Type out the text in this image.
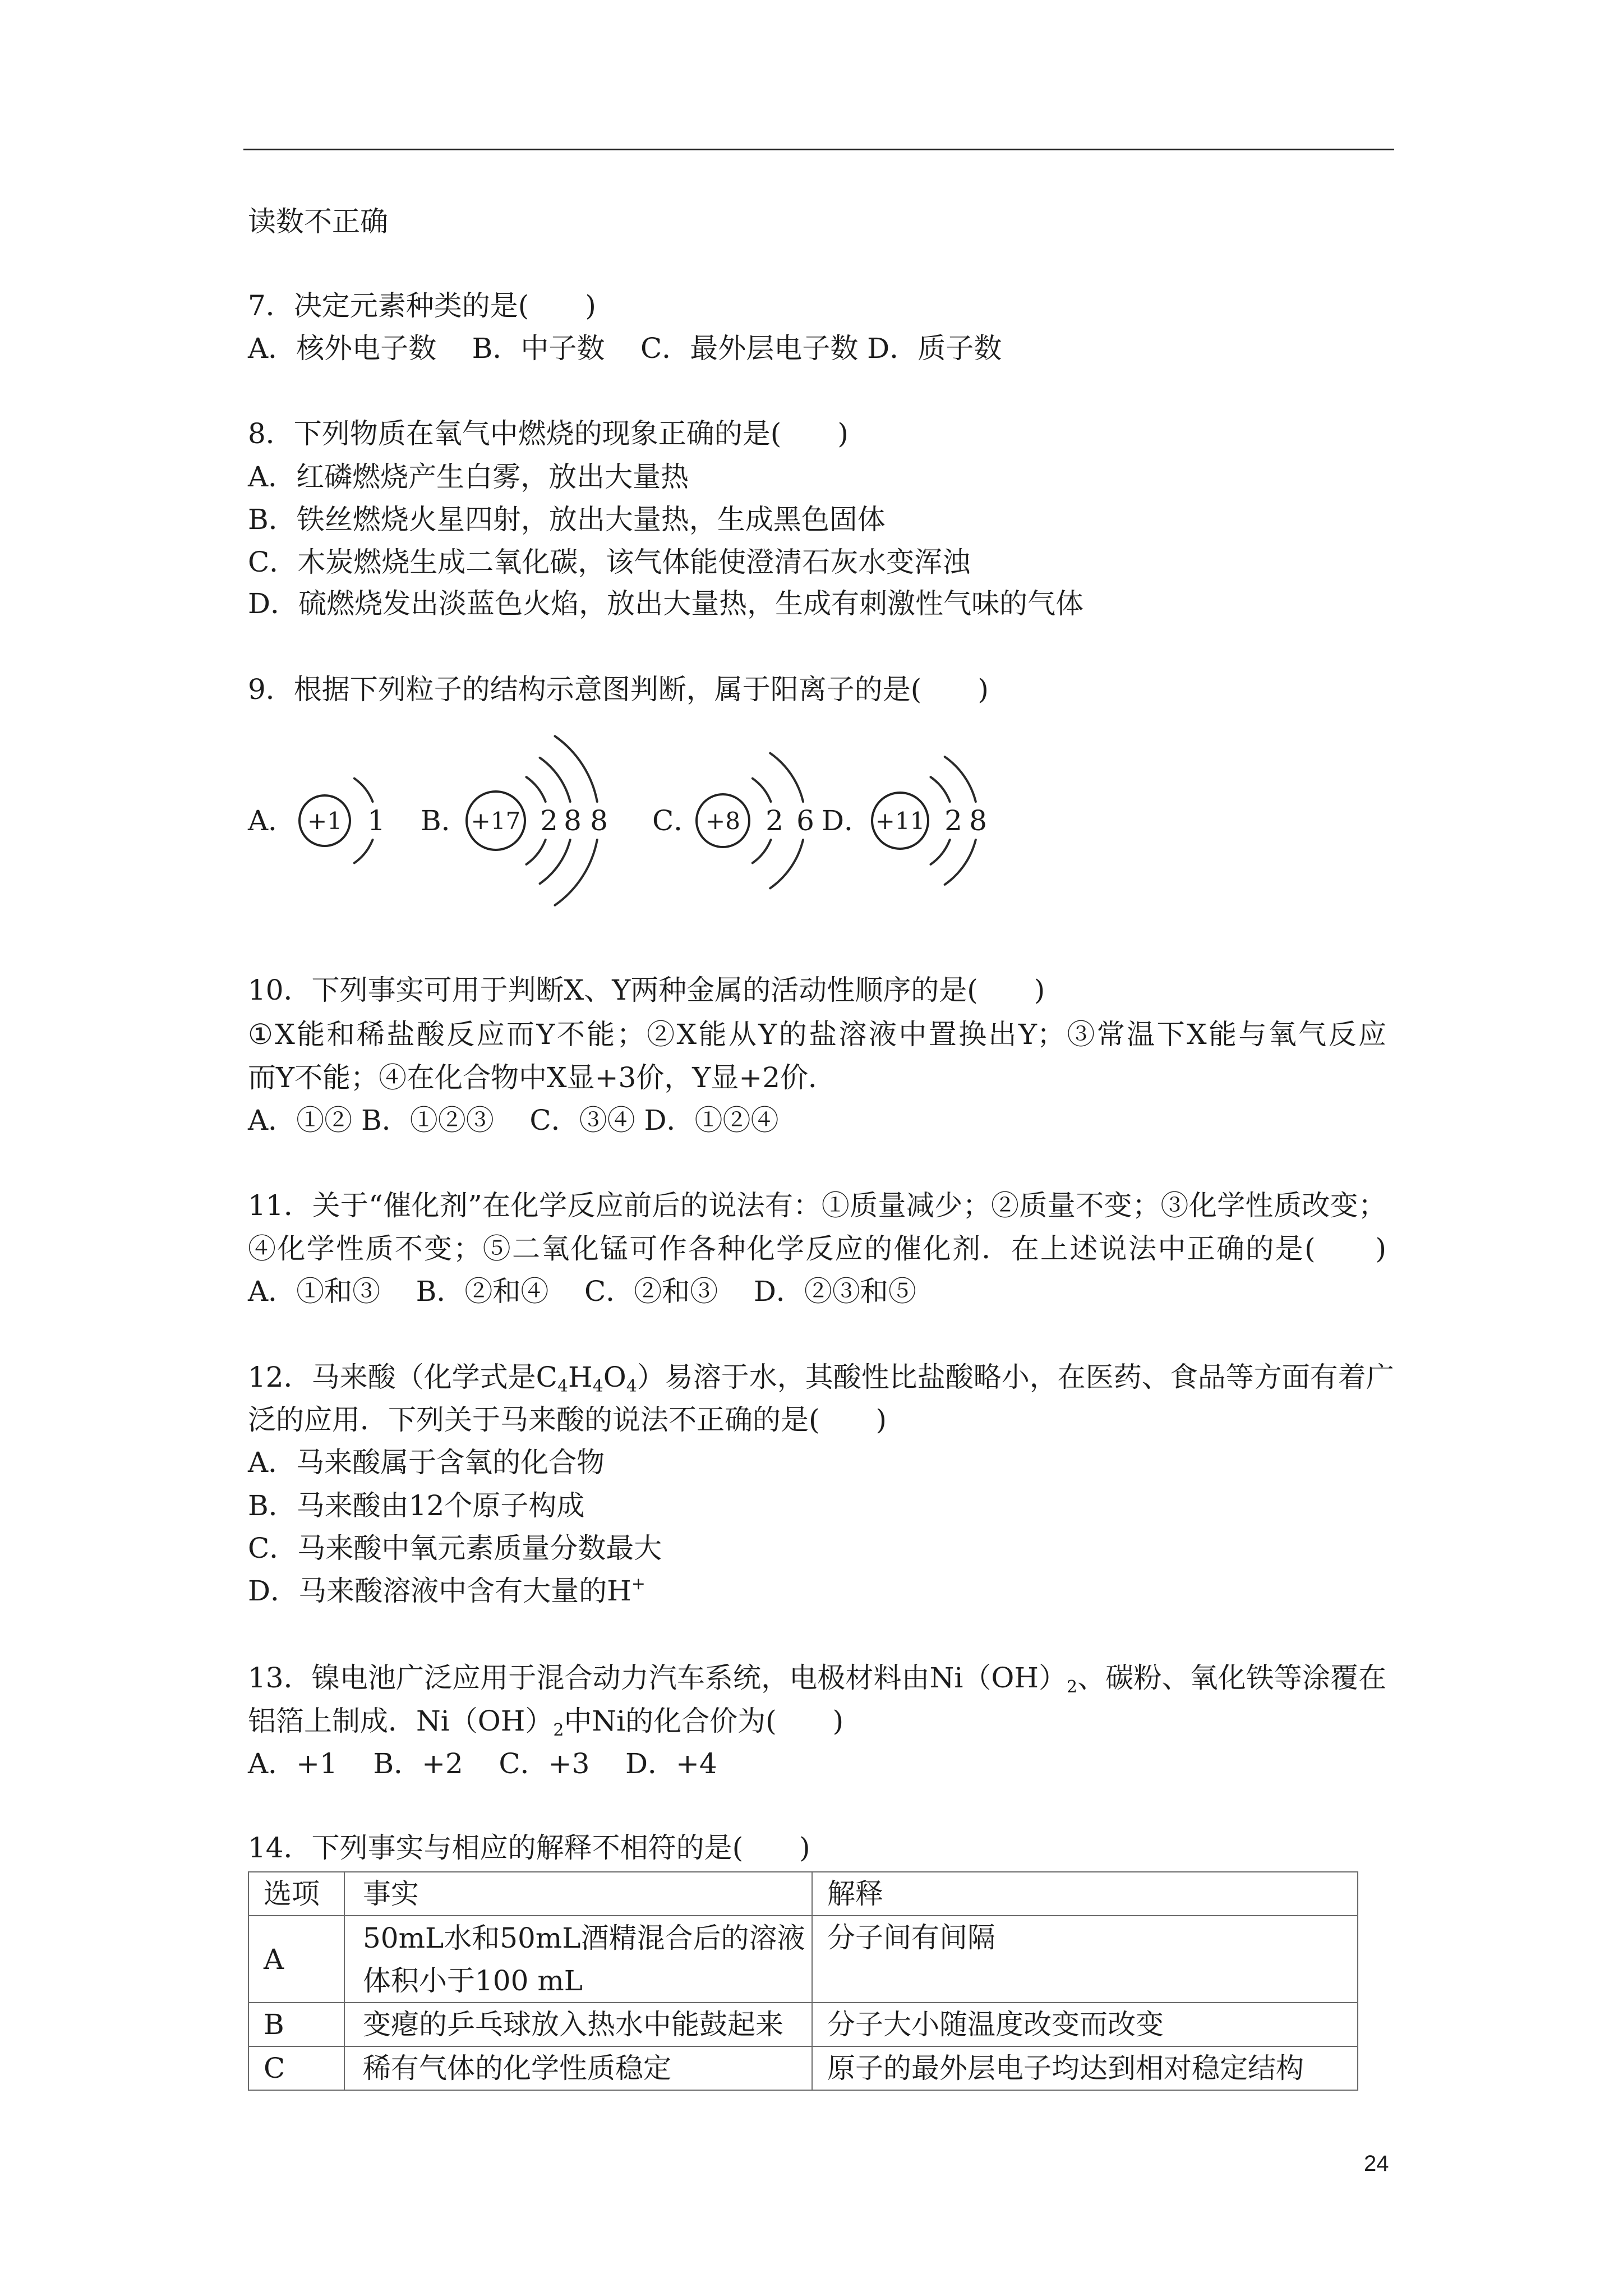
读数不正确
7．决定元素种类的是(　　)
A．核外电子数    B．中子数    C．最外层电子数 D．质子数
8．下列物质在氧气中燃烧的现象正确的是(　　)
A．红磷燃烧产生白雾，放出大量热
B．铁丝燃烧火星四射，放出大量热，生成黑色固体
C．木炭燃烧生成二氧化碳，该气体能使澄清石灰水变浑浊
D．硫燃烧发出淡蓝色火焰，放出大量热，生成有刺激性气味的气体
9．根据下列粒子的结构示意图判断，属于阳离子的是(　　)
A． +1 1 B． +17 2 8 8 C． +8 2 6 D． +11 2 8
10．下列事实可用于判断X、Y两种金属的活动性顺序的是(　　)
①X能和稀盐酸反应而Y不能；②X能从Y的盐溶液中置换出Y；③常温下X能与氧气反应
而Y不能；④在化合物中X显+3价，Y显+2价．
A．①② B．①②③    C．③④ D．①②④
11．关于“催化剂”在化学反应前后的说法有：①质量减少；②质量不变；③化学性质改变；
④化学性质不变；⑤二氧化锰可作各种化学反应的催化剂．在上述说法中正确的是(　　)
A．①和③    B．②和④    C．②和③    D．②③和⑤
12．马来酸（化学式是$C_4H_4O_4$）易溶于水，其酸性比盐酸略小，在医药、食品等方面有着广
泛的应用．下列关于马来酸的说法不正确的是(　　)
A．马来酸属于含氧的化合物
B．马来酸由12个原子构成
C．马来酸中氧元素质量分数最大
D．马来酸溶液中含有大量的H+
13．镍电池广泛应用于混合动力汽车系统，电极材料由$Ni(OH)_2$、碳粉、氧化铁等涂覆在
铝箔上制成．$Ni(OH)_2$中Ni的化合价为(　　)
A．+1    B．+2    C．+3    D．+4
14．下列事实与相应的解释不相符的是(　　)
选项	事实	解释
A	50mL水和50mL酒精混合后的溶液
体积小于100 mL	分子间有间隔
B	变瘪的乒乓球放入热水中能鼓起来	分子大小随温度改变而改变
C	稀有气体的化学性质稳定	原子的最外层电子均达到相对稳定结构
24
